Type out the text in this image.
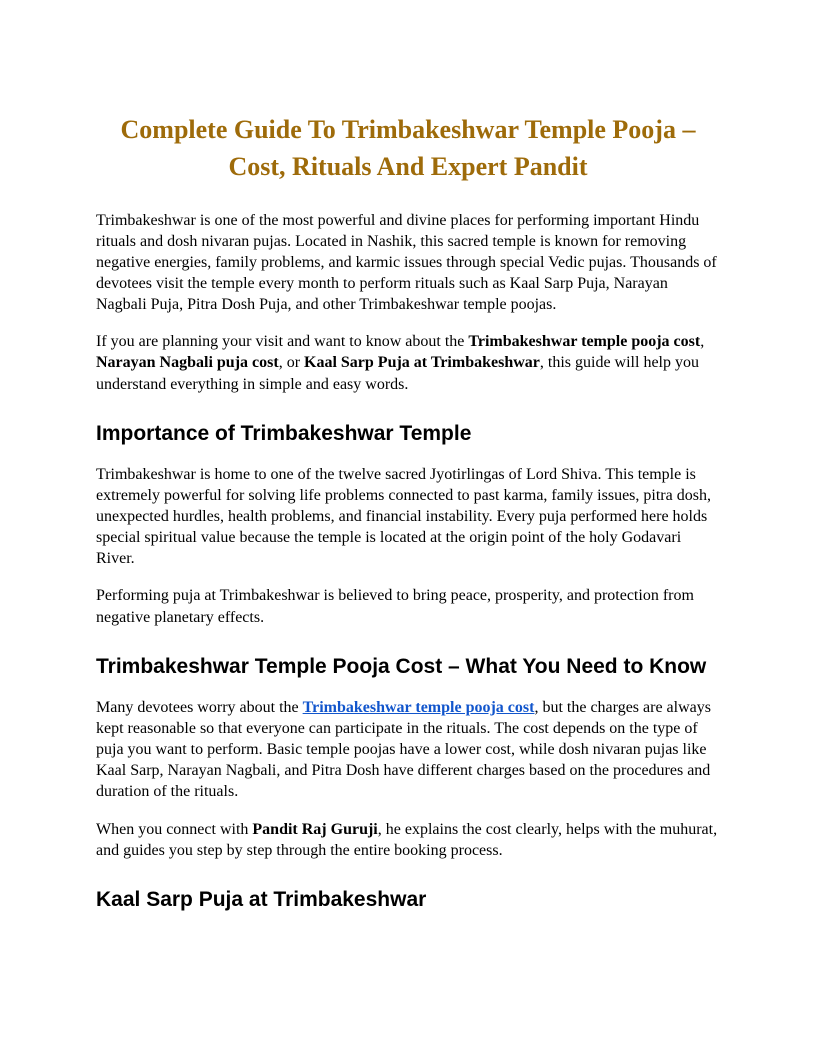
Complete Guide To Trimbakeshwar Temple Pooja – Cost, Rituals And Expert Pandit

Trimbakeshwar is one of the most powerful and divine places for performing important Hindu rituals and dosh nivaran pujas. Located in Nashik, this sacred temple is known for removing negative energies, family problems, and karmic issues through special Vedic pujas. Thousands of devotees visit the temple every month to perform rituals such as Kaal Sarp Puja, Narayan Nagbali Puja, Pitra Dosh Puja, and other Trimbakeshwar temple poojas.

If you are planning your visit and want to know about the Trimbakeshwar temple pooja cost, Narayan Nagbali puja cost, or Kaal Sarp Puja at Trimbakeshwar, this guide will help you understand everything in simple and easy words.

Importance of Trimbakeshwar Temple

Trimbakeshwar is home to one of the twelve sacred Jyotirlingas of Lord Shiva. This temple is extremely powerful for solving life problems connected to past karma, family issues, pitra dosh, unexpected hurdles, health problems, and financial instability. Every puja performed here holds special spiritual value because the temple is located at the origin point of the holy Godavari River.

Performing puja at Trimbakeshwar is believed to bring peace, prosperity, and protection from negative planetary effects.

Trimbakeshwar Temple Pooja Cost – What You Need to Know

Many devotees worry about the Trimbakeshwar temple pooja cost, but the charges are always kept reasonable so that everyone can participate in the rituals. The cost depends on the type of puja you want to perform. Basic temple poojas have a lower cost, while dosh nivaran pujas like Kaal Sarp, Narayan Nagbali, and Pitra Dosh have different charges based on the procedures and duration of the rituals.

When you connect with Pandit Raj Guruji, he explains the cost clearly, helps with the muhurat, and guides you step by step through the entire booking process.

Kaal Sarp Puja at Trimbakeshwar
